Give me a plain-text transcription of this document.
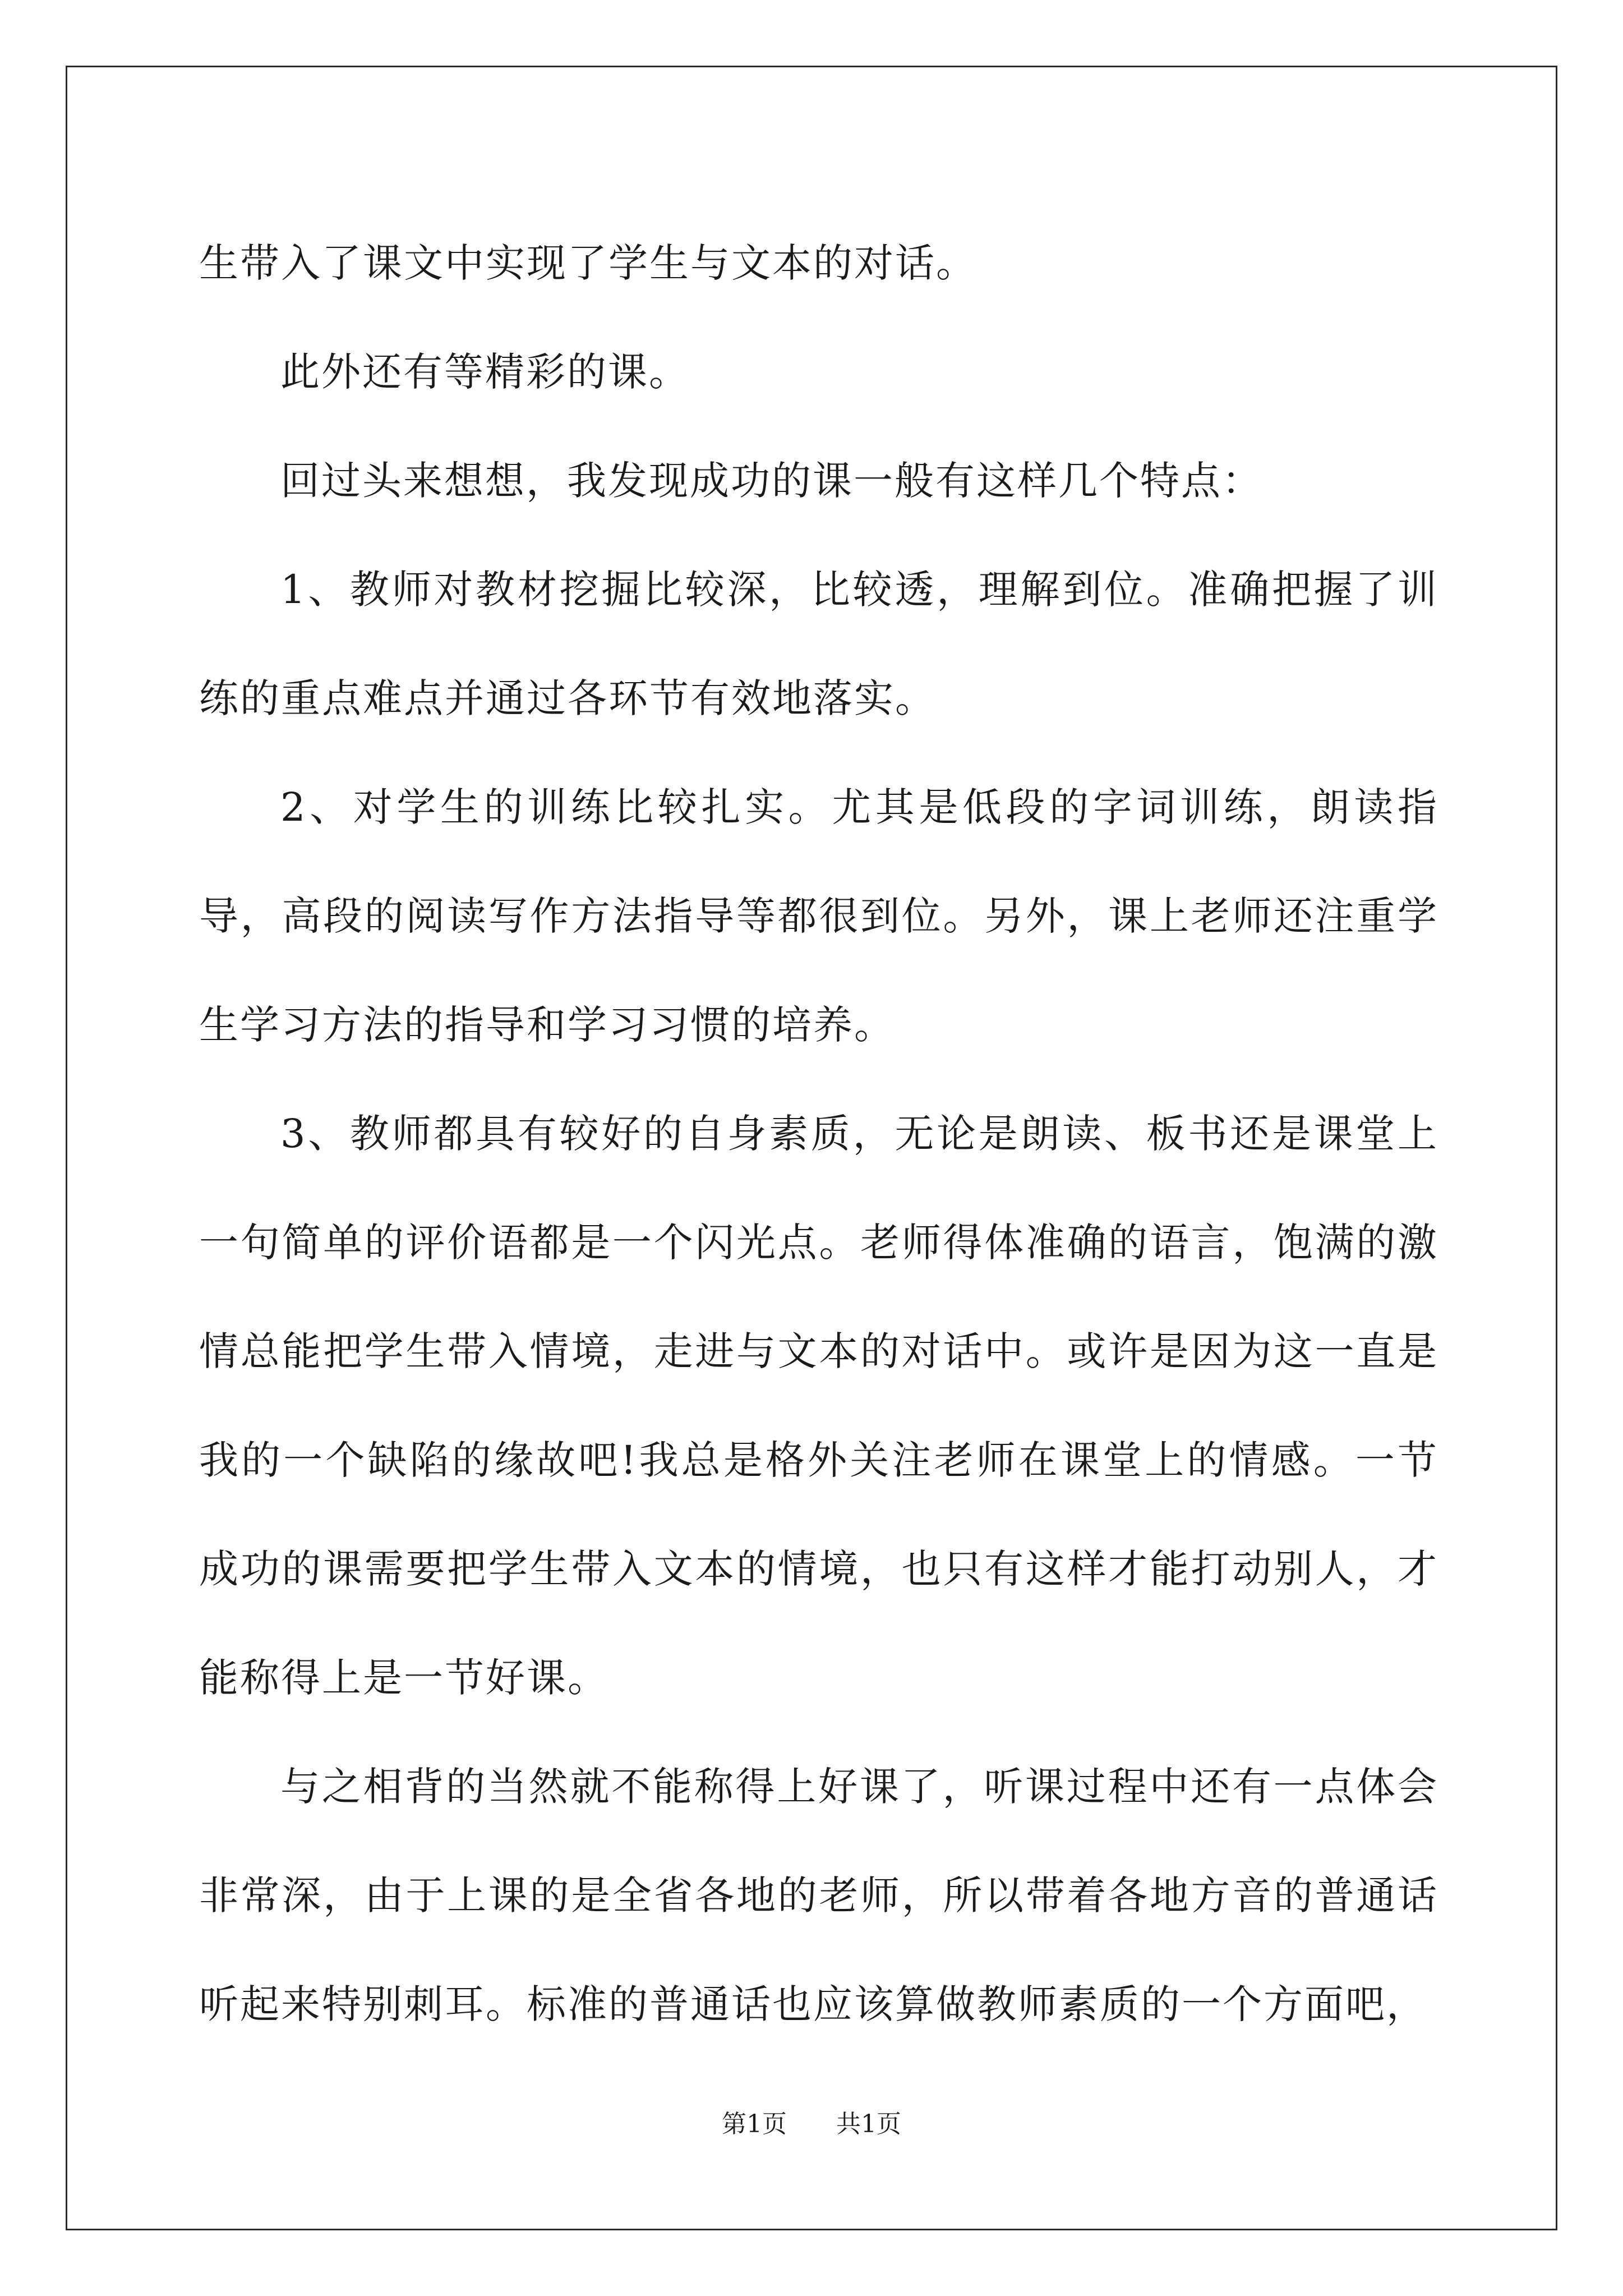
生带入了课文中实现了学生与文本的对话。

此外还有等精彩的课。

回过头来想想，我发现成功的课一般有这样几个特点：

1、教师对教材挖掘比较深，比较透，理解到位。准确把握了训练的重点难点并通过各环节有效地落实。

2、对学生的训练比较扎实。尤其是低段的字词训练，朗读指导，高段的阅读写作方法指导等都很到位。另外，课上老师还注重学生学习方法的指导和学习习惯的培养。

3、教师都具有较好的自身素质，无论是朗读、板书还是课堂上一句简单的评价语都是一个闪光点。老师得体准确的语言，饱满的激情总能把学生带入情境，走进与文本的对话中。或许是因为这一直是我的一个缺陷的缘故吧!我总是格外关注老师在课堂上的情感。一节成功的课需要把学生带入文本的情境，也只有这样才能打动别人，才能称得上是一节好课。

与之相背的当然就不能称得上好课了，听课过程中还有一点体会非常深，由于上课的是全省各地的老师，所以带着各地方音的普通话听起来特别刺耳。标准的普通话也应该算做教师素质的一个方面吧，

第1页 共1页
